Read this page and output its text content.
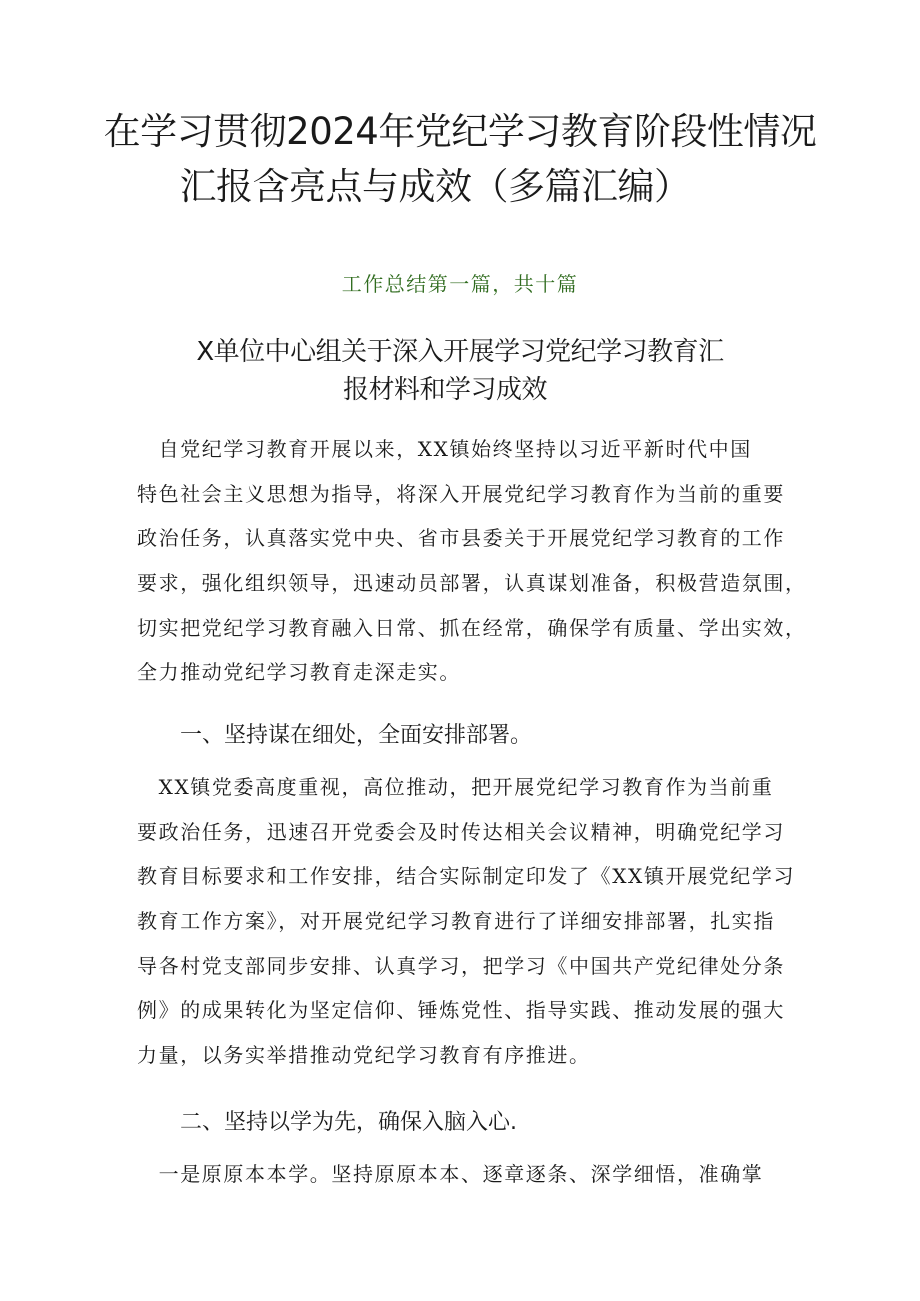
在学习贯彻2024年党纪学习教育阶段性情况
汇报含亮点与成效（多篇汇编）
工作总结第一篇，共十篇
X单位中心组关于深入开展学习党纪学习教育汇
报材料和学习成效
　自党纪学习教育开展以来，XX镇始终坚持以习近平新时代中国
特色社会主义思想为指导，将深入开展党纪学习教育作为当前的重要
政治任务，认真落实党中央、省市县委关于开展党纪学习教育的工作
要求，强化组织领导，迅速动员部署，认真谋划准备，积极营造氛围，
切实把党纪学习教育融入日常、抓在经常，确保学有质量、学出实效，
全力推动党纪学习教育走深走实。
一、坚持谋在细处，全面安排部署。
　XX镇党委高度重视，高位推动，把开展党纪学习教育作为当前重
要政治任务，迅速召开党委会及时传达相关会议精神，明确党纪学习
教育目标要求和工作安排，结合实际制定印发了《XX镇开展党纪学习
教育工作方案》，对开展党纪学习教育进行了详细安排部署，扎实指
导各村党支部同步安排、认真学习，把学习《中国共产党纪律处分条
例》的成果转化为坚定信仰、锤炼党性、指导实践、推动发展的强大
力量，以务实举措推动党纪学习教育有序推进。
二、坚持以学为先，确保入脑入心.
　一是原原本本学。坚持原原本本、逐章逐条、深学细悟，准确掌
